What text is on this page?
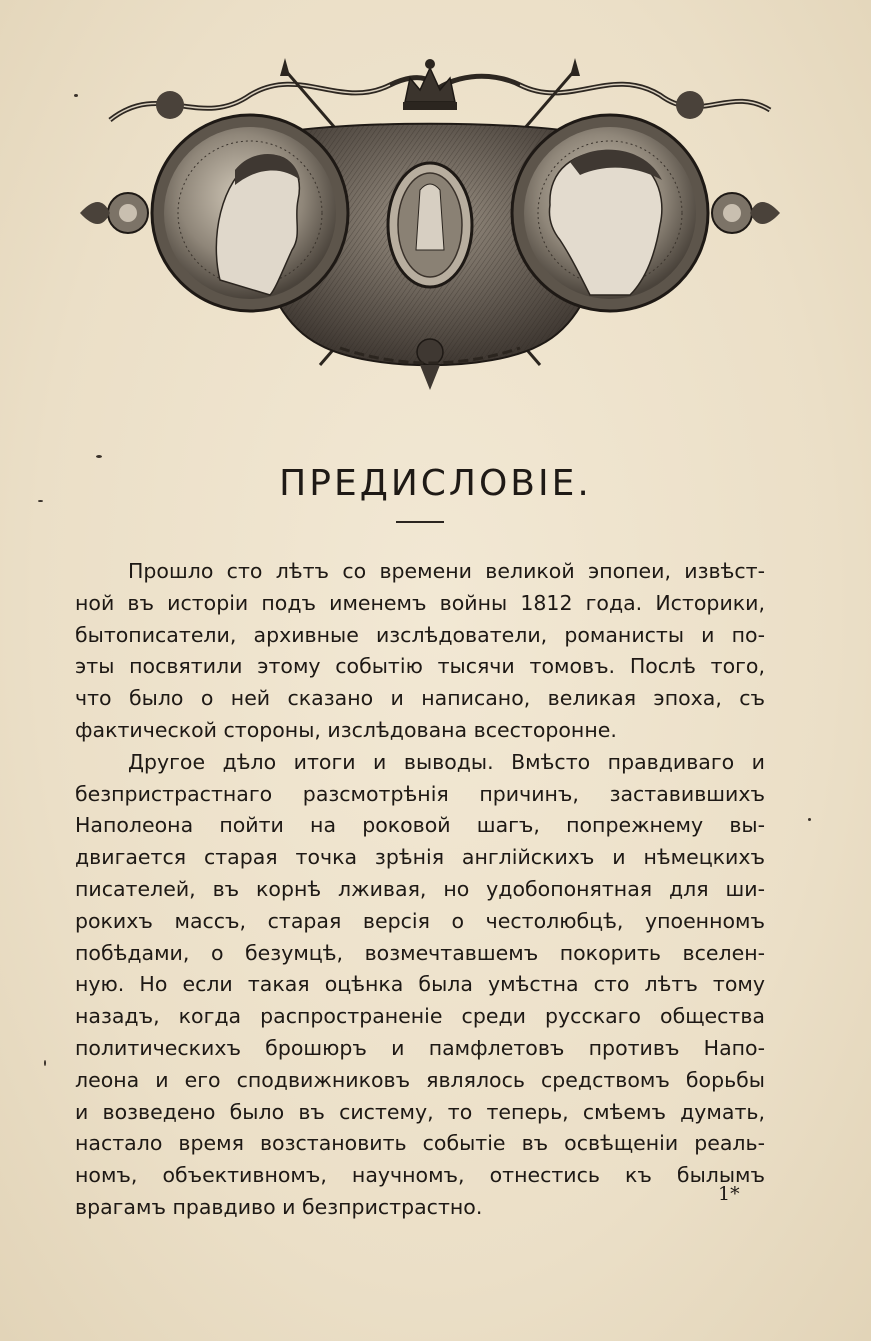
ПРЕДИСЛОВІЕ.
Прошло сто лѣтъ со времени великой эпопеи, извѣст-
ной въ исторіи подъ именемъ войны 1812 года. Историки,
бытописатели, архивные изслѣдователи, романисты и по-
эты посвятили этому событію тысячи томовъ. Послѣ того,
что было о ней сказано и написано, великая эпоха, съ
фактической стороны, изслѣдована всесторонне.
Другое дѣло итоги и выводы. Вмѣсто правдиваго и
безпристрастнаго разсмотрѣнія причинъ, заставившихъ
Наполеона пойти на роковой шагъ, попрежнему вы-
двигается старая точка зрѣнія англійскихъ и нѣмецкихъ
писателей, въ корнѣ лживая, но удобопонятная для ши-
рокихъ массъ, старая версія о честолюбцѣ, упоенномъ
побѣдами, о безумцѣ, возмечтавшемъ покорить вселен-
ную. Но если такая оцѣнка была умѣстна сто лѣтъ тому
назадъ, когда распространеніе среди русскаго общества
политическихъ брошюръ и памфлетовъ противъ Напо-
леона и его сподвижниковъ являлось средствомъ борьбы
и возведено было въ систему, то теперь, смѣемъ думать,
настало время возстановить событіе въ освѣщеніи реаль-
номъ, объективномъ, научномъ, отнестись къ былымъ
врагамъ правдиво и безпристрастно.
1*
